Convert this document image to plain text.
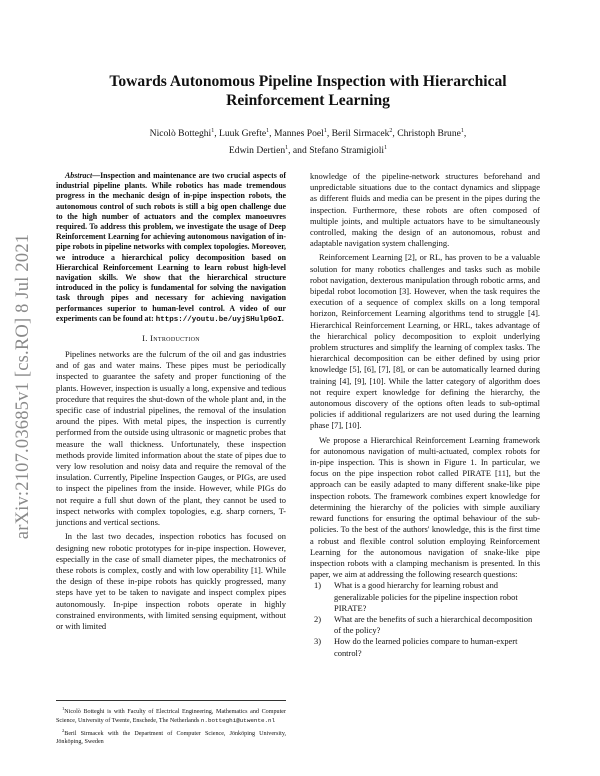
arXiv:2107.03685v1 [cs.RO] 8 Jul 2021
Towards Autonomous Pipeline Inspection with Hierarchical Reinforcement Learning
Nicolò Botteghi$^1$, Luuk Grefte$^1$, Mannes Poel$^1$, Beril Sirmacek$^2$, Christoph Brune$^1$,
Edwin Dertien$^1$, and Stefano Stramigioli$^1$

Abstract—Inspection and maintenance are two crucial aspects of industrial pipeline plants. While robotics has made tremendous progress in the mechanic design of in-pipe inspection robots, the autonomous control of such robots is still a big open challenge due to the high number of actuators and the complex manoeuvres required. To address this problem, we investigate the usage of Deep Reinforcement Learning for achieving autonomous navigation of in-pipe robots in pipeline networks with complex topologies. Moreover, we introduce a hierarchical policy decomposition based on Hierarchical Reinforcement Learning to learn robust high-level navigation skills. We show that the hierarchical structure introduced in the policy is fundamental for solving the navigation task through pipes and necessary for achieving navigation performances superior to human-level control. A video of our experiments can be found at: https://youtu.be/uyjSHulpGoI.

I. Introduction

Pipelines networks are the fulcrum of the oil and gas industries and of gas and water mains. These pipes must be periodically inspected to guarantee the safety and proper functioning of the plants. However, inspection is usually a long, expensive and tedious procedure that requires the shut-down of the whole plant and, in the specific case of industrial pipelines, the removal of the insulation around the pipes. With metal pipes, the inspection is currently performed from the outside using ultrasonic or magnetic probes that measure the wall thickness. Unfortunately, these inspection methods provide limited information about the state of pipes due to very low resolution and noisy data and require the removal of the insulation. Currently, Pipeline Inspection Gauges, or PIGs, are used to inspect the pipelines from the inside. However, while PIGs do not require a full shut down of the plant, they cannot be used to inspect networks with complex topologies, e.g. sharp corners, T-junctions and vertical sections.

In the last two decades, inspection robotics has focused on designing new robotic prototypes for in-pipe inspection. However, especially in the case of small diameter pipes, the mechatronics of these robots is complex, costly and with low operability [1]. While the design of these in-pipe robots has quickly progressed, many steps have yet to be taken to navigate and inspect complex pipes autonomously. In-pipe inspection robots operate in highly constrained environments, with limited sensing equipment, without or with limited

$^1$Nicolò Botteghi is with Faculty of Electrical Engineering, Mathematics and Computer Science, University of Twente, Enschede, The Netherlands n.botteghi@utwente.nl

$^2$Beril Sirmacek with the Department of Computer Science, Jönköping University, Jönköping, Sweden

knowledge of the pipeline-network structures beforehand and unpredictable situations due to the contact dynamics and slippage as different fluids and media can be present in the pipes during the inspection. Furthermore, these robots are often composed of multiple joints, and multiple actuators have to be simultaneously controlled, making the design of an autonomous, robust and adaptable navigation system challenging.

Reinforcement Learning [2], or RL, has proven to be a valuable solution for many robotics challenges and tasks such as mobile robot navigation, dexterous manipulation through robotic arms, and bipedal robot locomotion [3]. However, when the task requires the execution of a sequence of complex skills on a long temporal horizon, Reinforcement Learning algorithms tend to struggle [4]. Hierarchical Reinforcement Learning, or HRL, takes advantage of the hierarchical policy decomposition to exploit underlying problem structures and simplify the learning of complex tasks. The hierarchical decomposition can be either defined by using prior knowledge [5], [6], [7], [8], or can be automatically learned during training [4], [9], [10]. While the latter category of algorithm does not require expert knowledge for defining the hierarchy, the autonomous discovery of the options often leads to sub-optimal policies if additional regularizers are not used during the learning phase [7], [10].

We propose a Hierarchical Reinforcement Learning framework for autonomous navigation of multi-actuated, complex robots for in-pipe inspection. This is shown in Figure 1. In particular, we focus on the pipe inspection robot called PIRATE [11], but the approach can be easily adapted to many different snake-like pipe inspection robots. The framework combines expert knowledge for determining the hierarchy of the policies with simple auxiliary reward functions for ensuring the optimal behaviour of the sub-policies. To the best of the authors' knowledge, this is the first time a robust and flexible control solution employing Reinforcement Learning for the autonomous navigation of snake-like pipe inspection robots with a clamping mechanism is presented. In this paper, we aim at addressing the following research questions:

1)	What is a good hierarchy for learning robust and generalizable policies for the pipeline inspection robot PIRATE?
2)	What are the benefits of such a hierarchical decomposition of the policy?
3)	How do the learned policies compare to human-expert control?
